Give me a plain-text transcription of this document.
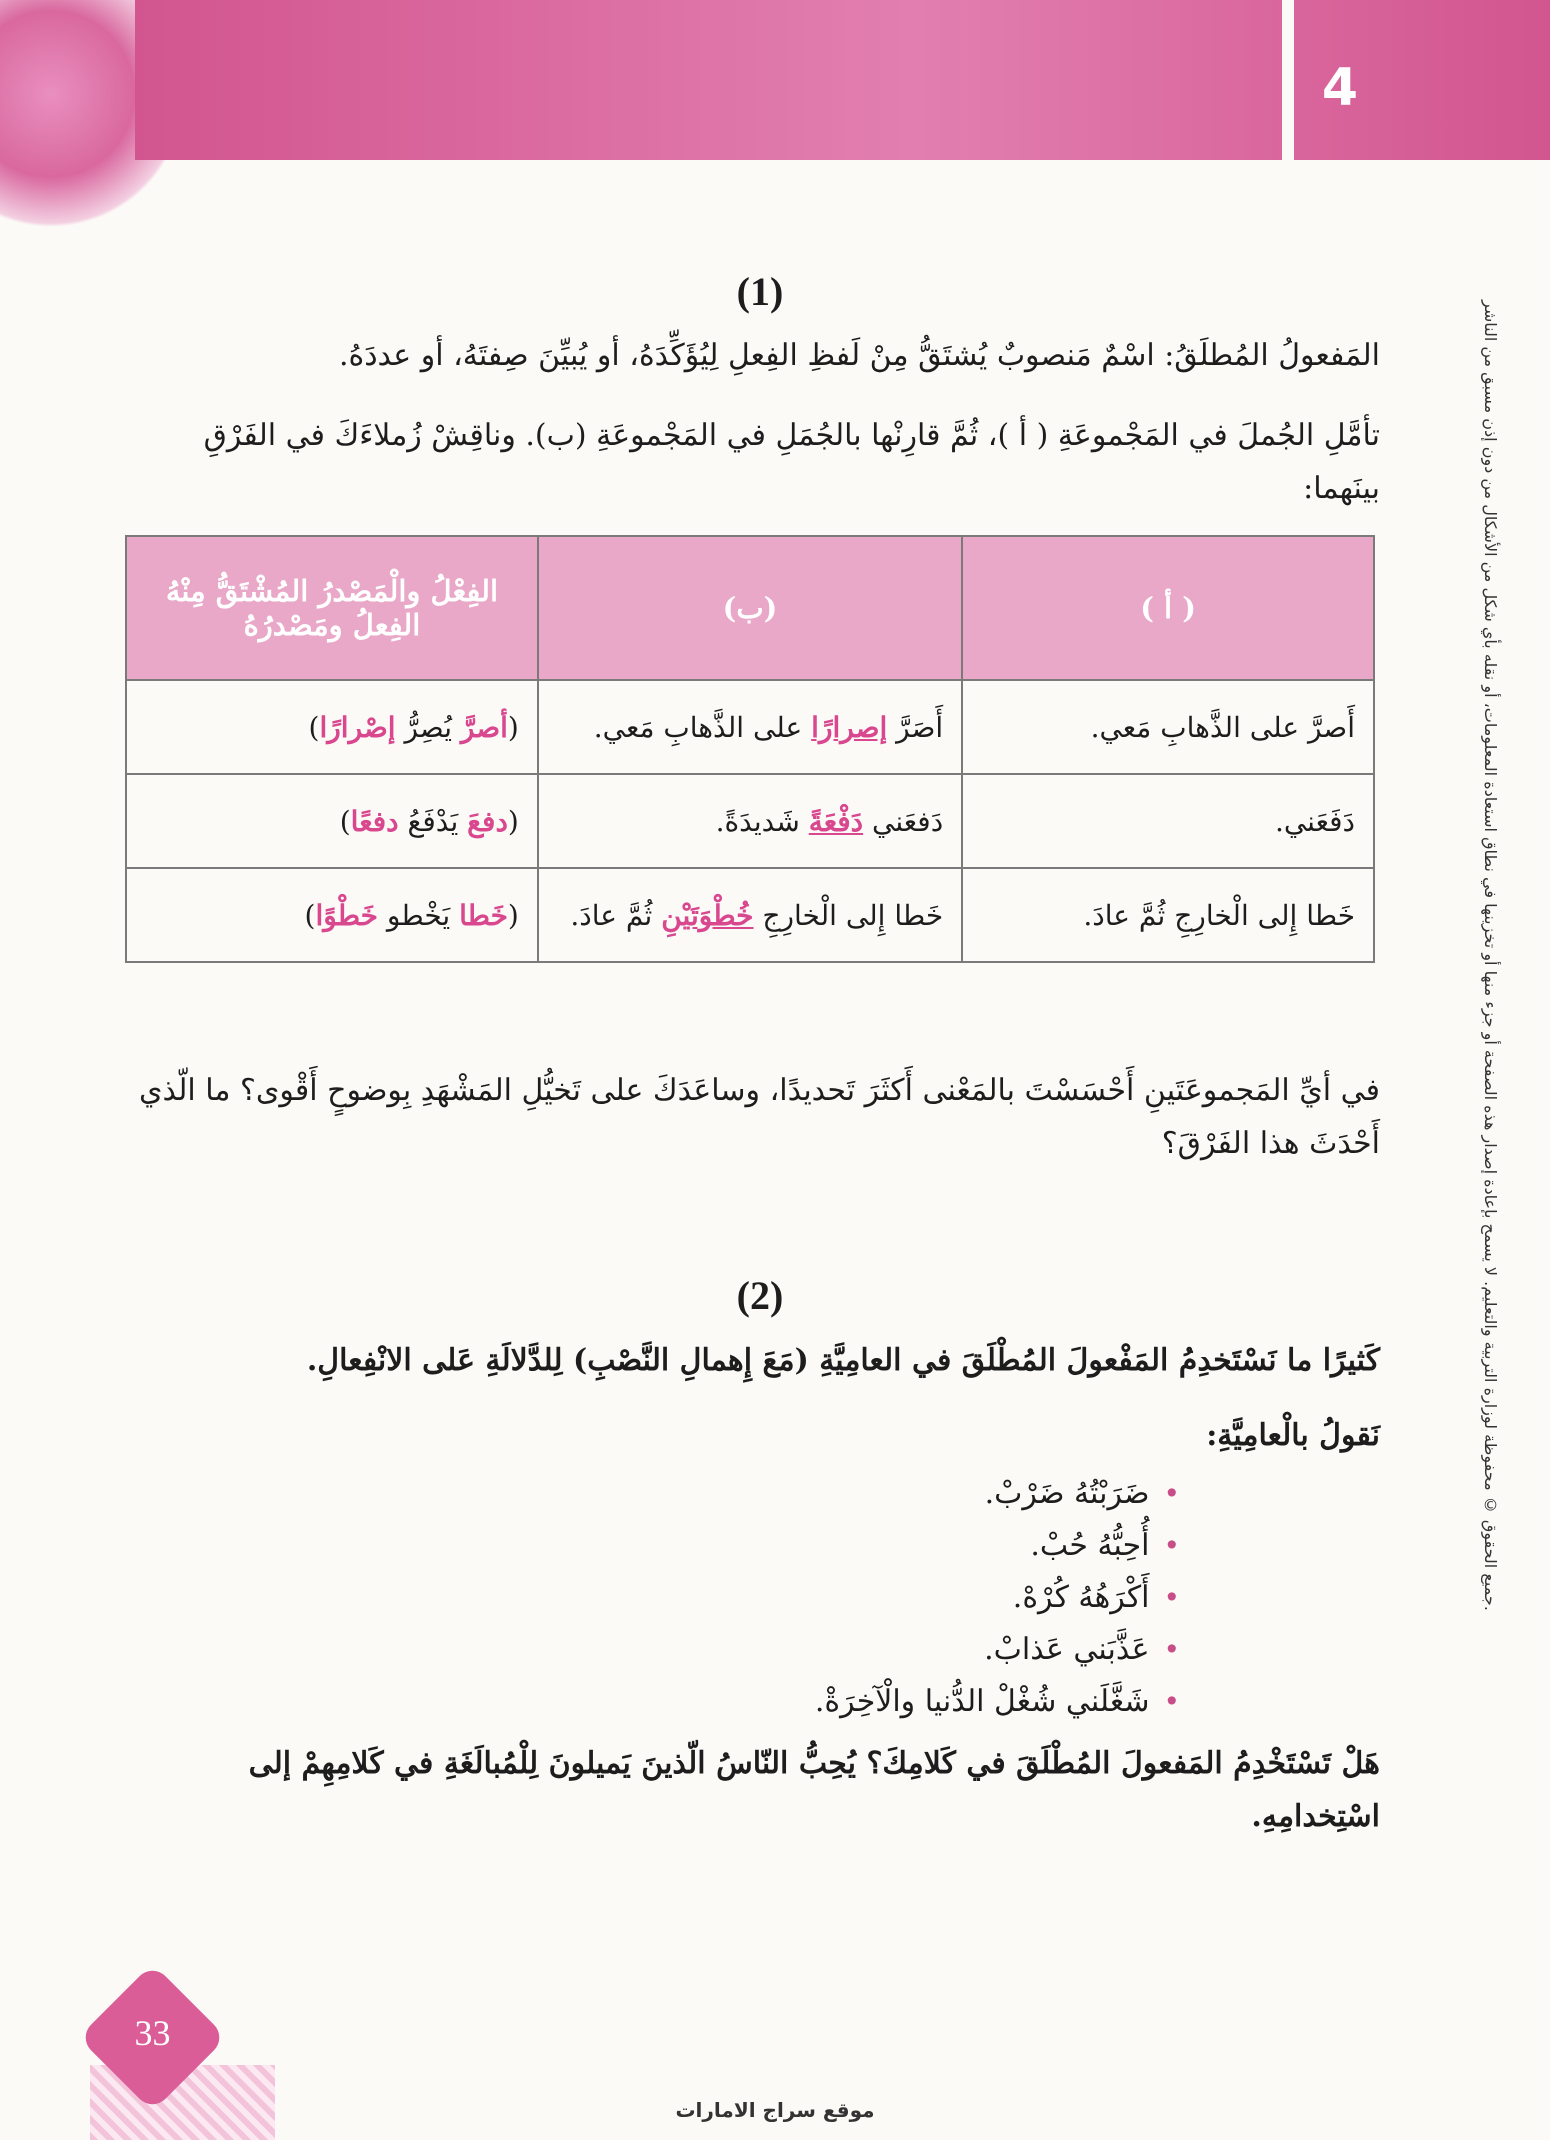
4
جميع الحقوق © محفوظة لوزارة التربية والتعليم. لا يسمح بإعادة إصدار هذه الصفحة أو جزء منها أو تخزينها في نطاق استعادة المعلومات، أو نقله بأي شكل من الأشكال من دون إذن مسبق من الناشر.
(1)
المَفعولُ المُطلَقُ: اسْمٌ مَنصوبٌ يُشتَقُّ مِنْ لَفظِ الفِعلِ لِيُؤَكِّدَهُ، أو يُبيِّنَ صِفتَهُ، أو عددَهُ.
تأمَّلِ الجُملَ في المَجْموعَةِ ( أ )، ثُمَّ قارِنْها بالجُمَلِ في المَجْموعَةِ (ب). وناقِشْ زُملاءَكَ في الفَرْقِ بينَهما:
( أ )	(ب)	الفِعْلُ والْمَصْدرُ المُشْتَقُّ مِنْهُ الفِعلُ ومَصْدرُهُ
أَصرَّ على الذَّهابِ مَعي.	أَصَرَّ إصرارًا على الذَّهابِ مَعي.	(أصرَّ يُصِرُّ إصْرارًا)
دَفَعَني.	دَفعَني دَفْعَةً شَديدَةً.	(دفعَ يَدْفَعُ دفعًا)
خَطا إِلى الْخارِجِ ثُمَّ عادَ.	خَطا إِلى الْخارِجِ خُطْوَتَيْنِ ثُمَّ عادَ.	(خَطا يَخْطو خَطْوًا)
في أيِّ المَجموعَتَينِ أَحْسَسْتَ بالمَعْنى أَكثَرَ تَحديدًا، وساعَدَكَ على تَخيُّلِ المَشْهَدِ بِوضوحٍ أَقْوى؟ ما الّذي أَحْدَثَ هذا الفَرْقَ؟
(2)
كَثيرًا ما نَسْتَخدِمُ المَفْعولَ المُطْلَقَ في العامِيَّةِ (مَعَ إِهمالِ النَّصْبِ) لِلدَّلالَةِ عَلى الانْفِعالِ.
نَقولُ بالْعامِيَّةِ:
• ضَرَبْتُهُ ضَرْبْ.
• أُحِبُّهُ حُبْ.
• أَكْرَهُهُ كُرْهْ.
• عَذَّبَني عَذابْ.
• شَغَّلَني شُغْلْ الدُّنيا والْآخِرَةْ.
هَلْ تَسْتَخْدِمُ المَفعولَ المُطْلَقَ في كَلامِكَ؟ يُحِبُّ النّاسُ الّذينَ يَميلونَ لِلْمُبالَغَةِ في كَلامِهِمْ إلى اسْتِخدامِهِ.
33
موقع سراج الامارات
